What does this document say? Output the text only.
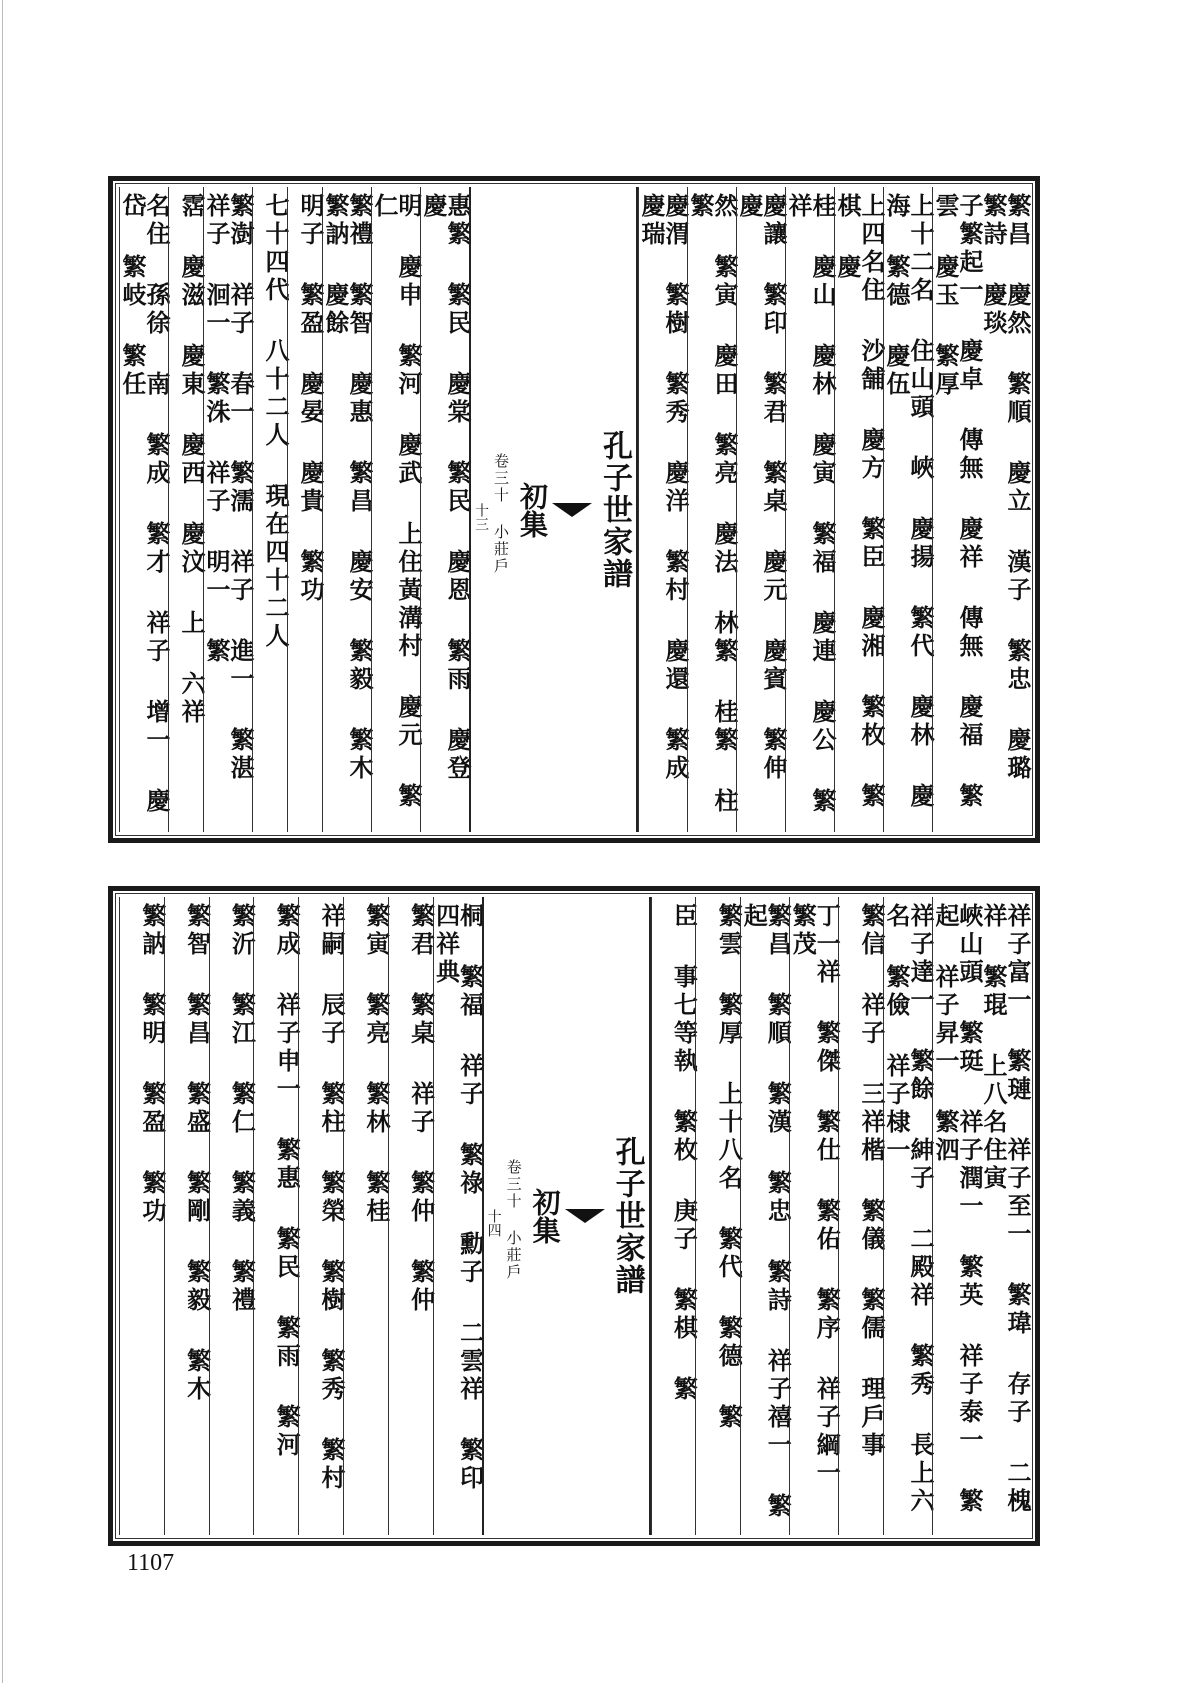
繁昌 慶然 繁順 慶立 漢子 繁忠 慶璐 繁詩 慶琰
子繁起一 慶卓 傳無 慶祥 傳無 慶福 繁雲 慶玉 繁厚
上十二名 住山頭 峽 慶揚 繁代 慶林 慶海 繁德 慶伍
上四名住 沙舗 慶方 繁臣 慶湘 繁枚 繁棋 慶
桂 慶山 慶林 慶寅 繁福 慶連 慶公 繁祥
慶讓 繁印 繁君 繁桌 慶元 慶賓 繁伸 慶
然 繁寅 慶田 繁亮 慶法 林繁 桂繁 柱繁
慶渭 繁樹 繁秀 慶洋 繁村 慶還 繁成 慶瑞
孔子世家譜
初集
卷三十 小莊戶
十三
惠繁 繁民 慶棠 繁民 慶恩 繁雨 慶登 慶
明 慶申 繁河 慶武 上住黃溝村 慶元 繁仁
繁禮 繁智 慶惠 繁昌 慶安 繁毅 繁木 繁訥 慶餘
明子 繁盈 慶晏 慶貴 繁功
七十四代 八十二人 現在四十二人
繁澍 祥子 春一 繁濡 祥子 進一 繁湛 祥子 洄一 繁洙 祥子 明一 繁
霑 慶滋 慶東 慶西 慶汶 上 六祥
名住 孫徐 南 繁成 繁才 祥子 增一 慶岱 繁岐 繁任
祥子富一 繁璉 祥子至一 繁瑋 存子 二槐祥 繁琨 上八名住寅
峽山頭 繁珽 祥子潤一 繁英 祥子泰一 繁起 祥子昇一 繁泗
祥子達一 繁餘 紳子 二殿祥 繁秀 長上六名 繁儉 祥子棣一
繁信 祥子 三祥楷 繁儀 繁儒 理戶事
丁一祥 繁傑 繁仕 繁佑 繁序 祥子綱一 繁茂
繁昌 繁順 繁漢 繁忠 繁詩 祥子禧一 繁起
繁雲 繁厚 上十八名 繁代 繁德 繁
臣 事七等執 繁枚 庚子 繁棋 繁
孔子世家譜
初集
卷三十 小莊戶
十四
桐 繁福 祥子 繁祿 勳子 二雲祥 繁印 四祥典
繁君 繁桌 祥子 繁仲 繁仲
繁寅 繁亮 繁林 繁桂
祥嗣 辰子 繁柱 繁榮 繁樹 繁秀 繁村
繁成 祥子申一 繁惠 繁民 繁雨 繁河
繁沂 繁江 繁仁 繁義 繁禮
繁智 繁昌 繁盛 繁剛 繁毅 繁木
繁訥 繁明 繁盈 繁功
1107
